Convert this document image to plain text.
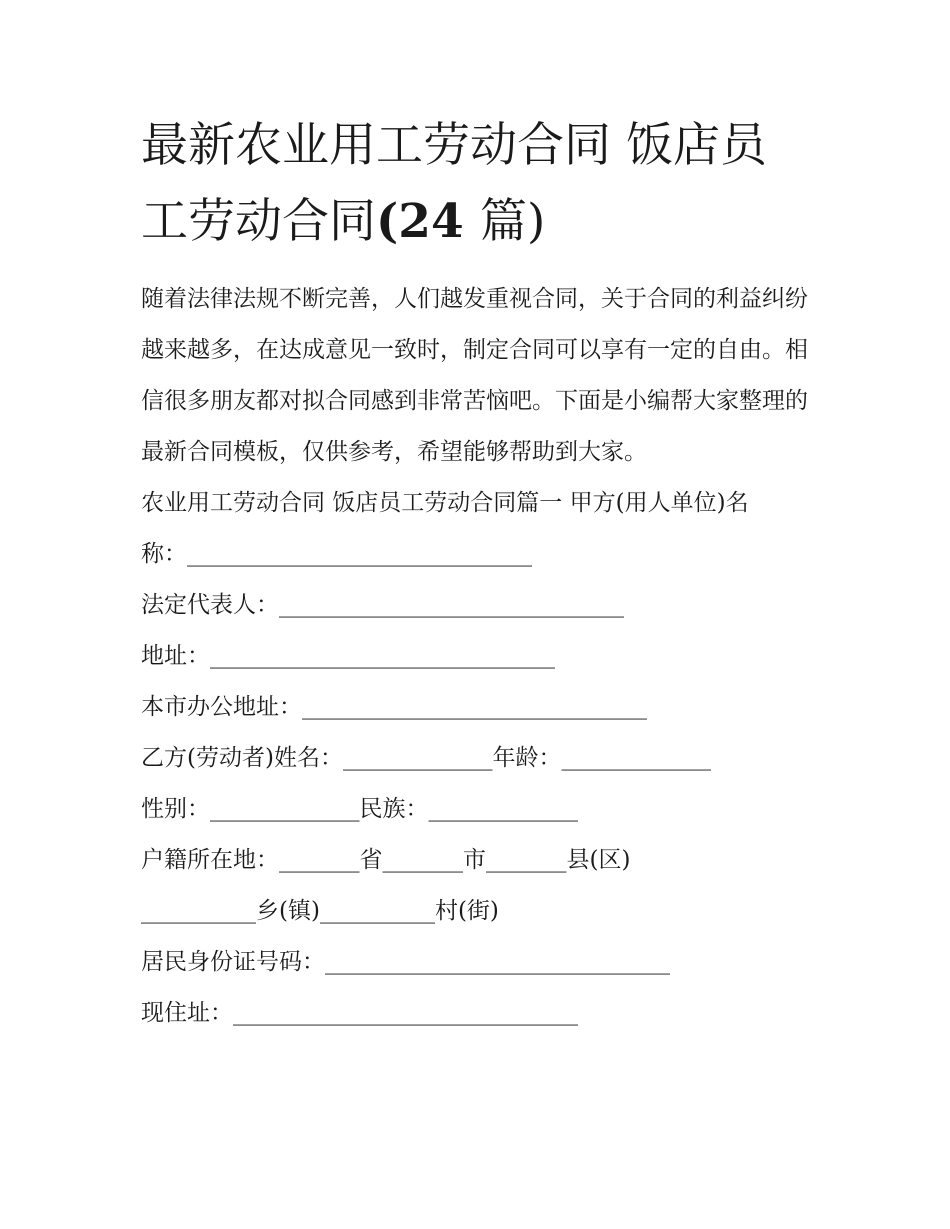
最新农业用工劳动合同 饭店员
工劳动合同(24 篇)

随着法律法规不断完善，人们越发重视合同，关于合同的利益纠纷越来越多，在达成意见一致时，制定合同可以享有一定的自由。相信很多朋友都对拟合同感到非常苦恼吧。下面是小编帮大家整理的最新合同模板，仅供参考，希望能够帮助到大家。

农业用工劳动合同 饭店员工劳动合同篇一 甲方(用人单位)名

称：______________________________

法定代表人：______________________________

地址：______________________________

本市办公地址：______________________________

乙方(劳动者)姓名：_____________年龄：_____________

性别：_____________民族：_____________

户籍所在地：_______省_______市_______县(区)

__________乡(镇)__________村(街)

居民身份证号码：______________________________

现住址：______________________________
